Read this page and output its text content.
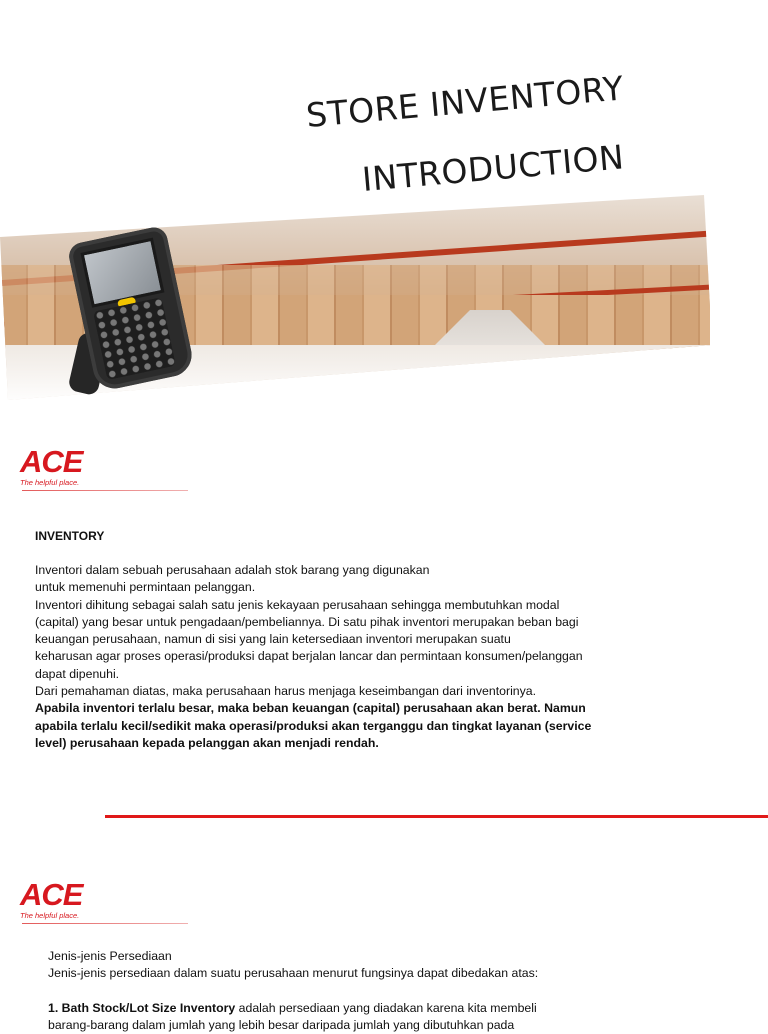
STORE INVENTORY
INTRODUCTION
ACE
The helpful place.
INVENTORY
Inventori dalam sebuah perusahaan adalah stok barang yang digunakan
untuk memenuhi permintaan pelanggan.
Inventori dihitung sebagai salah satu jenis kekayaan perusahaan sehingga membutuhkan modal
(capital) yang besar untuk pengadaan/pembeliannya. Di satu pihak inventori merupakan beban bagi
keuangan perusahaan, namun di sisi yang lain ketersediaan inventori merupakan suatu
keharusan agar proses operasi/produksi dapat berjalan lancar dan permintaan konsumen/pelanggan
dapat dipenuhi.
Dari pemahaman diatas, maka perusahaan harus menjaga keseimbangan dari inventorinya.
Apabila inventori terlalu besar, maka beban keuangan (capital) perusahaan akan berat. Namun
apabila terlalu kecil/sedikit maka operasi/produksi akan terganggu dan tingkat layanan (service
level) perusahaan kepada pelanggan akan menjadi rendah.
ACE
The helpful place.
Jenis-jenis Persediaan
Jenis-jenis persediaan dalam suatu perusahaan menurut fungsinya dapat dibedakan atas:
1. Bath Stock/Lot Size Inventory adalah persediaan yang diadakan karena kita membeli
barang-barang dalam jumlah yang lebih besar daripada jumlah yang dibutuhkan pada
